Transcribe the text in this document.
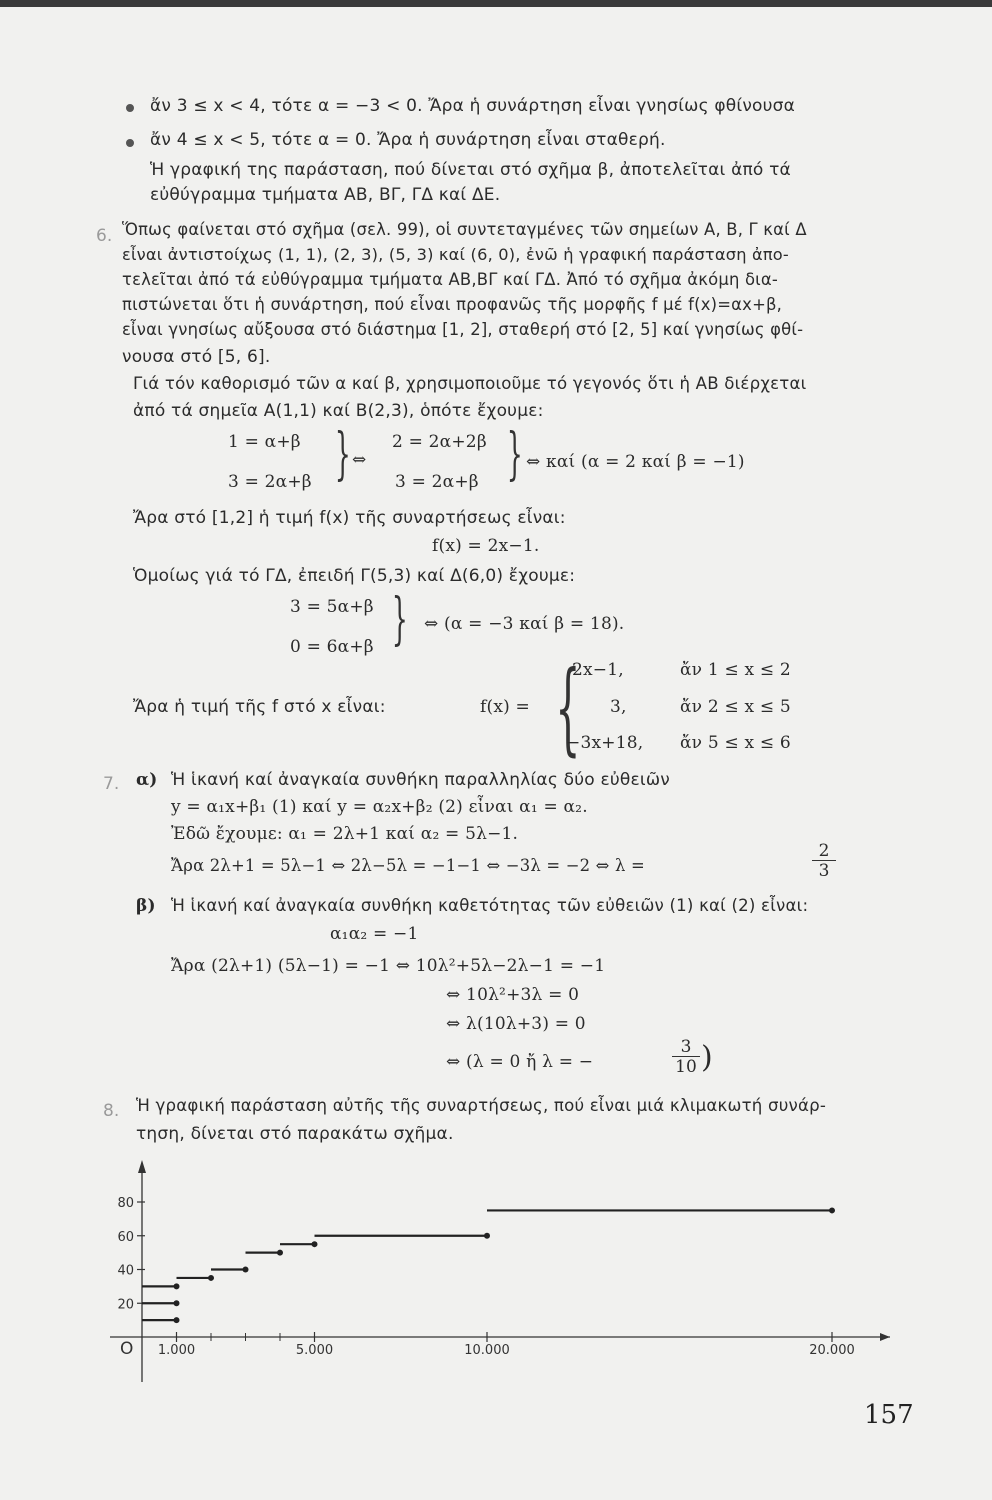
ἄν 3 ≤ x < 4, τότε α = −3 < 0. Ἄρα ἡ συνάρτηση εἶναι γνησίως φθίνουσα
ἄν 4 ≤ x < 5, τότε α = 0. Ἄρα ἡ συνάρτηση εἶναι σταθερή.
Ἡ γραφική της παράσταση, πού δίνεται στό σχῆμα β, ἀποτελεῖται ἀπό τά
εὐθύγραμμα τμήματα ΑΒ, ΒΓ, ΓΔ καί ΔΕ.
6. Ὅπως φαίνεται στό σχῆμα (σελ. 99), οἱ συντεταγμένες τῶν σημείων Α, Β, Γ καί Δ
εἶναι ἀντιστοίχως (1, 1), (2, 3), (5, 3) καί (6, 0), ἐνῶ ἡ γραφική παράσταση ἀπο-
τελεῖται ἀπό τά εὐθύγραμμα τμήματα ΑΒ,ΒΓ καί ΓΔ. Ἀπό τό σχῆμα ἀκόμη δια-
πιστώνεται ὅτι ἡ συνάρτηση, πού εἶναι προφανῶς τῆς μορφῆς f μέ f(x)=αx+β,
εἶναι γνησίως αὔξουσα στό διάστημα [1, 2], σταθερή στό [2, 5] καί γνησίως φθί-
νουσα στό [5, 6].
Γιά τόν καθορισμό τῶν α καί β, χρησιμοποιοῦμε τό γεγονός ὅτι ἡ ΑΒ διέρχεται
ἀπό τά σημεῖα Α(1,1) καί Β(2,3), ὁπότε ἔχουμε:
1 = α+β
3 = 2α+β } ⇔
2 = 2α+2β
3 = 2α+β } ⇔ καί (α = 2 καί β = −1)
Ἄρα στό [1,2] ἡ τιμή f(x) τῆς συναρτήσεως εἶναι:
f(x) = 2x−1.
Ὁμοίως γιά τό ΓΔ, ἐπειδή Γ(5,3) καί Δ(6,0) ἔχουμε:
3 = 5α+β
0 = 6α+β } ⇔ (α = −3 καί β = 18).
Ἄρα ἡ τιμή τῆς f στό x εἶναι:	f(x) = {
2x−1,	ἄν 1 ≤ x ≤ 2
3,	ἄν 2 ≤ x ≤ 5
−3x+18, ἄν 5 ≤ x ≤ 6
7. α) Ἡ ἱκανή καί ἀναγκαία συνθήκη παραλληλίας δύο εὐθειῶν
y = α₁x+β₁ (1) καί y = α₂x+β₂ (2) εἶναι α₁ = α₂.
Ἐδῶ ἔχουμε: α₁ = 2λ+1 καί α₂ = 5λ−1.
Ἄρα 2λ+1 = 5λ−1 ⇔ 2λ−5λ = −1−1 ⇔ −3λ = −2 ⇔ λ =
2
3
β) Ἡ ἱκανή καί ἀναγκαία συνθήκη καθετότητας τῶν εὐθειῶν (1) καί (2) εἶναι:
α₁α₂ = −1
Ἄρα (2λ+1) (5λ−1) = −1 ⇔ 10λ²+5λ−2λ−1 = −1
⇔ 10λ²+3λ = 0
⇔ λ(10λ+3) = 0
⇔ (λ = 0 ἤ λ = −
3
10 )
8. Ἡ γραφική παράσταση αὐτῆς τῆς συναρτήσεως, πού εἶναι μιά κλιμακωτή συνάρ-
τηση, δίνεται στό παρακάτω σχῆμα.
O 1.000	5.000	10.000	20.000
20
40
60
80
157
